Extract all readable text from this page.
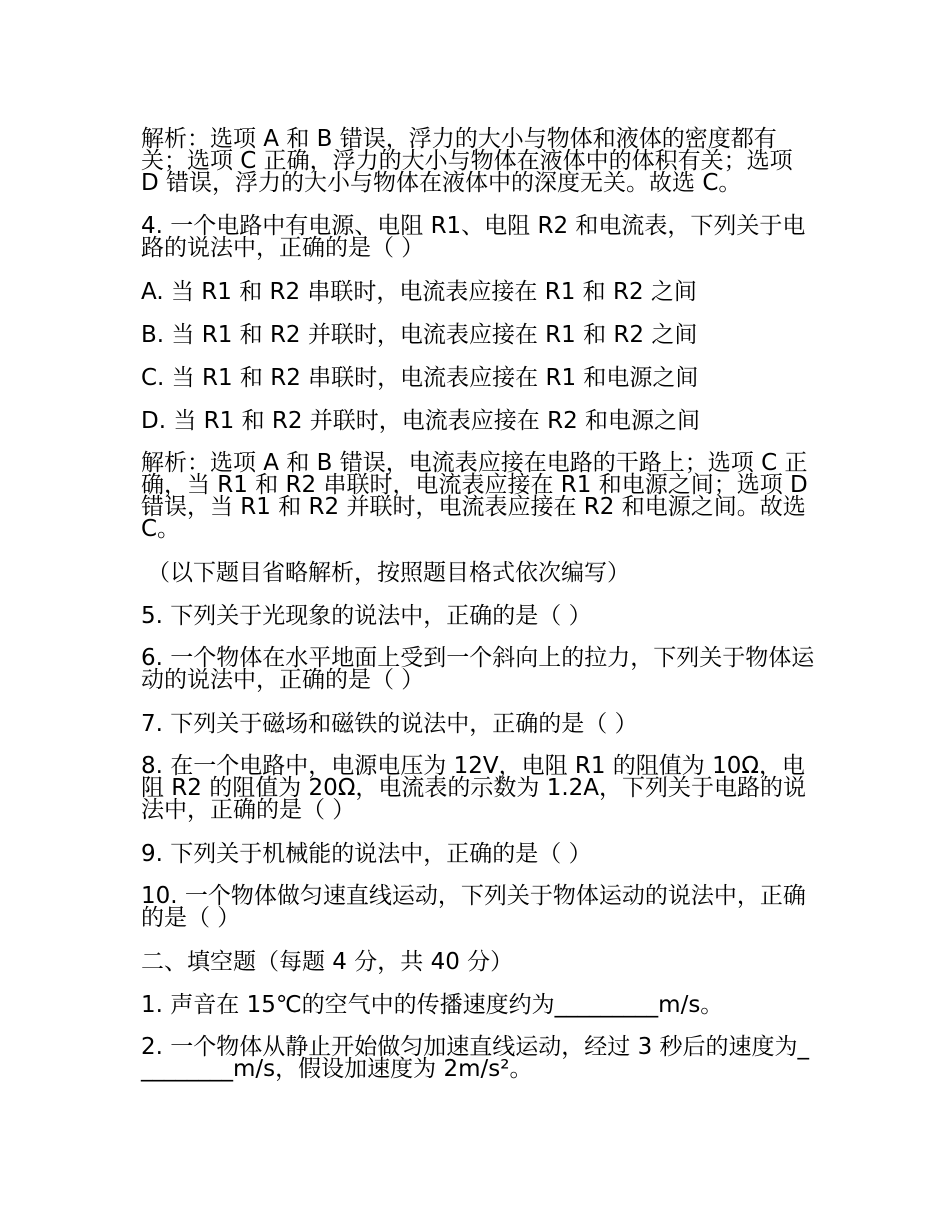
解析：选项 A 和 B 错误，浮力的大小与物体和液体的密度都有关；选项 C 正确，浮力的大小与物体在液体中的体积有关；选项 D 错误，浮力的大小与物体在液体中的深度无关。故选 C。

4. 一个电路中有电源、电阻 R1、电阻 R2 和电流表，下列关于电路的说法中，正确的是（ ）

A. 当 R1 和 R2 串联时，电流表应接在 R1 和 R2 之间

B. 当 R1 和 R2 并联时，电流表应接在 R1 和 R2 之间

C. 当 R1 和 R2 串联时，电流表应接在 R1 和电源之间

D. 当 R1 和 R2 并联时，电流表应接在 R2 和电源之间

解析：选项 A 和 B 错误，电流表应接在电路的干路上；选项 C 正确，当 R1 和 R2 串联时，电流表应接在 R1 和电源之间；选项 D 错误，当 R1 和 R2 并联时，电流表应接在 R2 和电源之间。故选 C。

（以下题目省略解析，按照题目格式依次编写）

5. 下列关于光现象的说法中，正确的是（ ）

6. 一个物体在水平地面上受到一个斜向上的拉力，下列关于物体运动的说法中，正确的是（ ）

7. 下列关于磁场和磁铁的说法中，正确的是（ ）

8. 在一个电路中，电源电压为 12V，电阻 R1 的阻值为 10Ω，电阻 R2 的阻值为 20Ω，电流表的示数为 1.2A，下列关于电路的说法中，正确的是（ ）

9. 下列关于机械能的说法中，正确的是（ ）

10. 一个物体做匀速直线运动，下列关于物体运动的说法中，正确的是（ ）

二、填空题（每题 4 分，共 40 分）

1. 声音在 15℃的空气中的传播速度约为_________m/s。

2. 一个物体从静止开始做匀加速直线运动，经过 3 秒后的速度为_________m/s，假设加速度为 2m/s²。
